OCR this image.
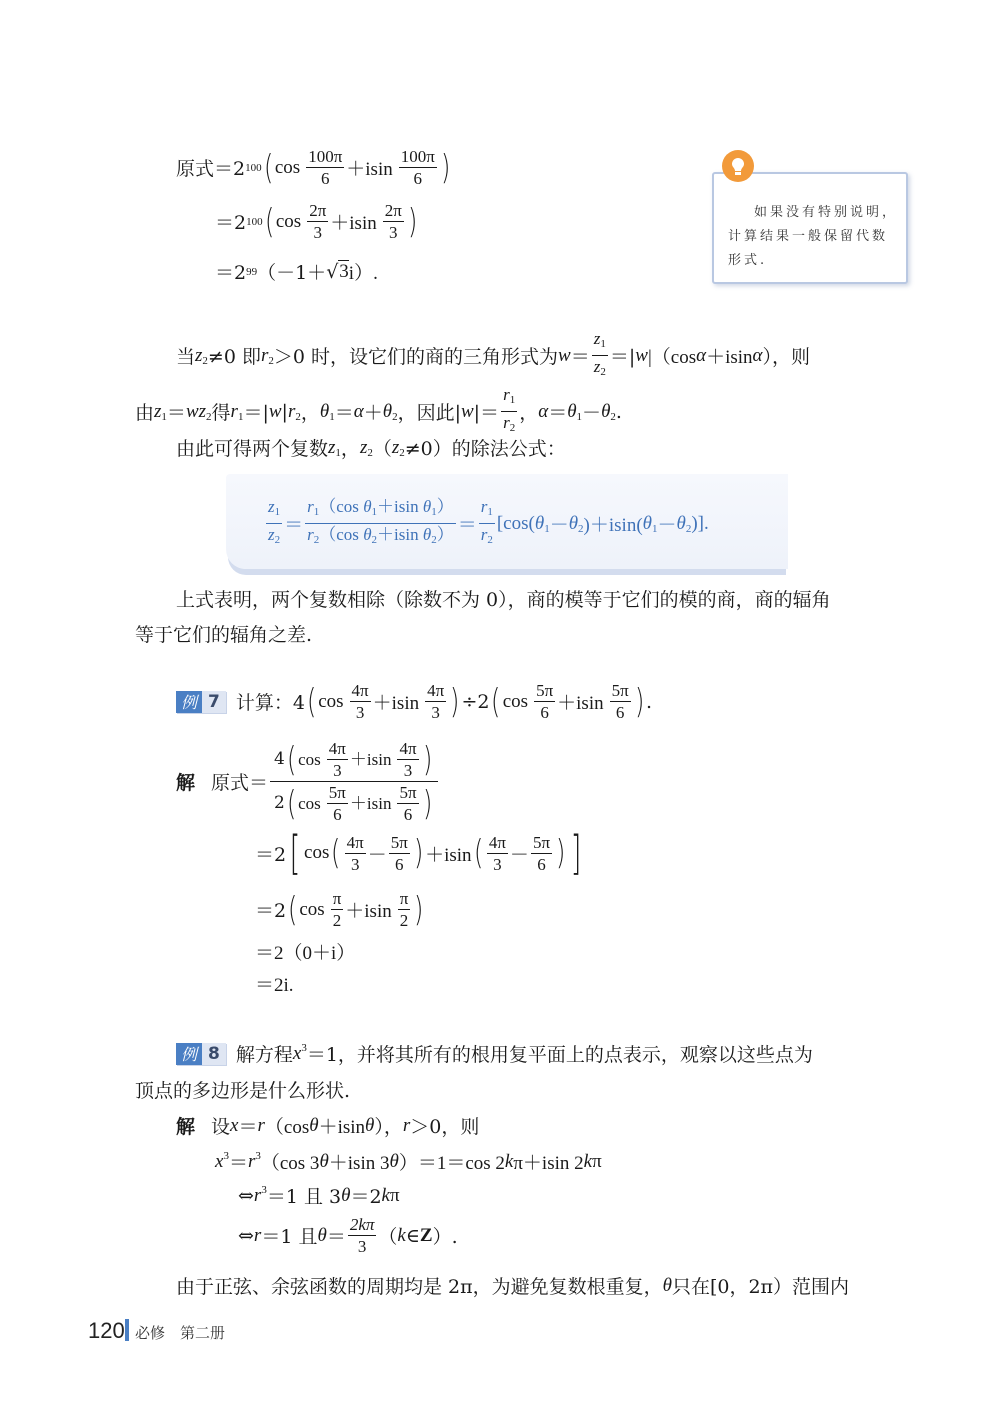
原式＝2 100 ( $\cos \frac{100\pi}{6} +isin \frac{100\pi}{6}$ )
＝2 100 ( $\cos \frac{2\pi}{3} +isin \frac{2\pi}{3}$ )
＝2 99 （－1＋ √ 3 i）.
如果没有特别说明，计算结果一般保留代数形式.
当 $z_2 \ne 0$ 即 $r_2 >0$ 时，设它们的商的三角形式为 $w = \frac{z_1}{z_2}$ ＝| w |（cos α ＋isin α ），则
由 $z_1 = wz_2$ 得 $r_1$ ＝| w | $r_2$ ， $\theta_1 = \alpha + \theta_2$ ，因此| w |＝ $\frac{r_1}{r_2}$ ， $\alpha = \theta_1 - \theta_2$ .
由此可得两个复数 $z_1$ ， $z_2$ （ $z_2 \ne 0$）的除法公式：
$\frac{z_1}{z_2} = \frac{r_1(\cos \theta_1+isin \theta_1)}{r_2(\cos \theta_2+isin \theta_2)} = \frac{r_1}{r_2} [\cos$( $\theta_1 - \theta_2$ )＋isin( $\theta_1 - \theta_2$ )].
上式表明，两个复数相除（除数不为 0），商的模等于它们的模的商，商的辐角
等于它们的辐角之差.
例 7 计算：4 ( $\cos \frac{4\pi}{3} +isin \frac{4\pi}{3}$ ) ÷2 ( $\cos \frac{5\pi}{6} +isin \frac{5\pi}{6}$ ) .
解 原式＝ $\frac{4 ( \cos \frac{4\pi}{3} +isin \frac{4\pi}{3} )}{2 ( \cos \frac{5\pi}{6} +isin \frac{5\pi}{6} )}$
＝2 [ cos ( $\frac{4\pi}{3} - \frac{5\pi}{6}$ ) ＋isin ( $\frac{4\pi}{3} - \frac{5\pi}{6}$ ) ]
＝2 ( $\cos \frac{\pi}{2} +isin \frac{\pi}{2}$ )
＝2（0＋i）
＝2i.
例 8 解方程 $x^3 =1$，并将其所有的根用复平面上的点表示，观察以这些点为
顶点的多边形是什么形状.
解 设 x ＝ r （cos θ ＋isin θ ）， r ＞0，则
$x^3 = r^3$ （cos 3 θ ＋isin 3 θ ）＝1＝cos 2 k π＋isin 2 k π
⇔ $r^3 =1$ 且 3 θ ＝2 k π
⇔ r ＝1 且 $\theta = \frac{2k\pi}{3}$ （ k ∈ Z ）.
由于正弦、余弦函数的周期均是 2π，为避免复数根重复， θ 只在[0，2π）范围内
120 必修　第二册
